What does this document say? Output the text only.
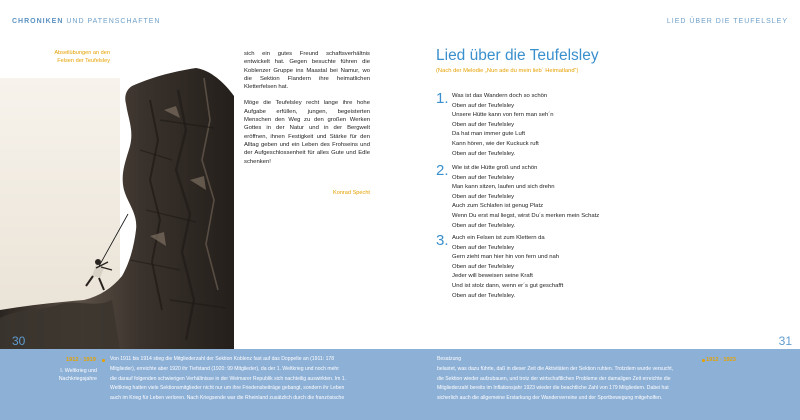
CHRONIKEN UND PATENSCHAFTEN
Abseilübungen an den Felsen der Teufelsley

sich ein gutes Freund schaftsverhältnis entwickelt hat. Gegen besuchte führen die Koblenzer Gruppe ins Maastal bei Namur, wo die Sektion Flandern ihre heimatlichen Kletterfelsen hat.

Möge die Teufelsley recht lange ihre hohe Aufgabe erfüllen, jungen, begeisterten Menschen den Weg zu den großen Werken Gottes in der Natur und in der Bergwelt eröffnen, ihnen Festigkeit und Stärke für den Alltag geben und ein Leben des Frohseins und der Aufgeschlossenheit für alles Gute und Edle schenken!

Konrad Specht
30
LIED ÜBER DIE TEUFELSLEY
Lied über die Teufelsley
(Nach der Melodie „Nun ade du mein lieb´ Heimatland“)
1. Was ist das Wandern doch so schön
Oben auf der Teufelsley
Unsere Hütte kann von fern man seh´n
Oben auf der Teufelsley
Da hat man immer gute Luft
Kann hören, wie der Kuckuck ruft
Oben auf der Teufelsley.
2. Wie ist die Hütte groß und schön
Oben auf der Teufelsley
Man kann sitzen, laufen und sich drehn
Oben auf der Teufelsley
Auch zum Schlafen ist genug Platz
Wenn Du erst mal liegst, wirst Du´s merken mein Schatz
Oben auf der Teufelsley.
3. Auch ein Felsen ist zum Klettern da
Oben auf der Teufelsley
Gern zieht man hier hin von fern und nah
Oben auf der Teufelsley
Jeder will beweisen seine Kraft
Und ist stolz dann, wenn er´s gut geschafft
Oben auf der Teufelsley.
31
1912 · 1919
I. Weltkrieg und
Nachkriegsjahre
Von 1911 bis 1914 stieg die Mitgliederzahl der Sektion Koblenz fast auf das Doppelte an (1911: 178
Mitglieder), erreichte aber 1920 ihr Tiefstand (1920: 99 Mitglieder), da der 1. Weltkrieg und noch mehr
die darauf folgenden schwierigen Verhältnisse in der Weimarer Republik sich nachteilig auswirkten. Im 1.
Weltkrieg hatten viele Sektionsmitglieder nicht nur um ihre Friedensbeiträge gebangt, sondern ihr Leben
auch im Krieg für Leben verloren. Nach Kriegsende war die Rheinland zusätzlich durch die französische
Besatzung
belastet, was dazu führte, daß in dieser Zeit die Aktivitäten der Sektion ruhten. Trotzdem wurde versucht,
die Sektion wieder aufzubauen, und trotz der wirtschaftlichen Probleme der damaligen Zeit erreichte die
Mitgliederzahl bereits im Inflationsjahr 1923 wieder die beachtliche Zahl von 179 Mitgliedern. Dabei hat
sicherlich auch die allgemeine Erstarkung der Wanderverreine und der Sportbewegung mitgeholfen.
1912 · 1923
